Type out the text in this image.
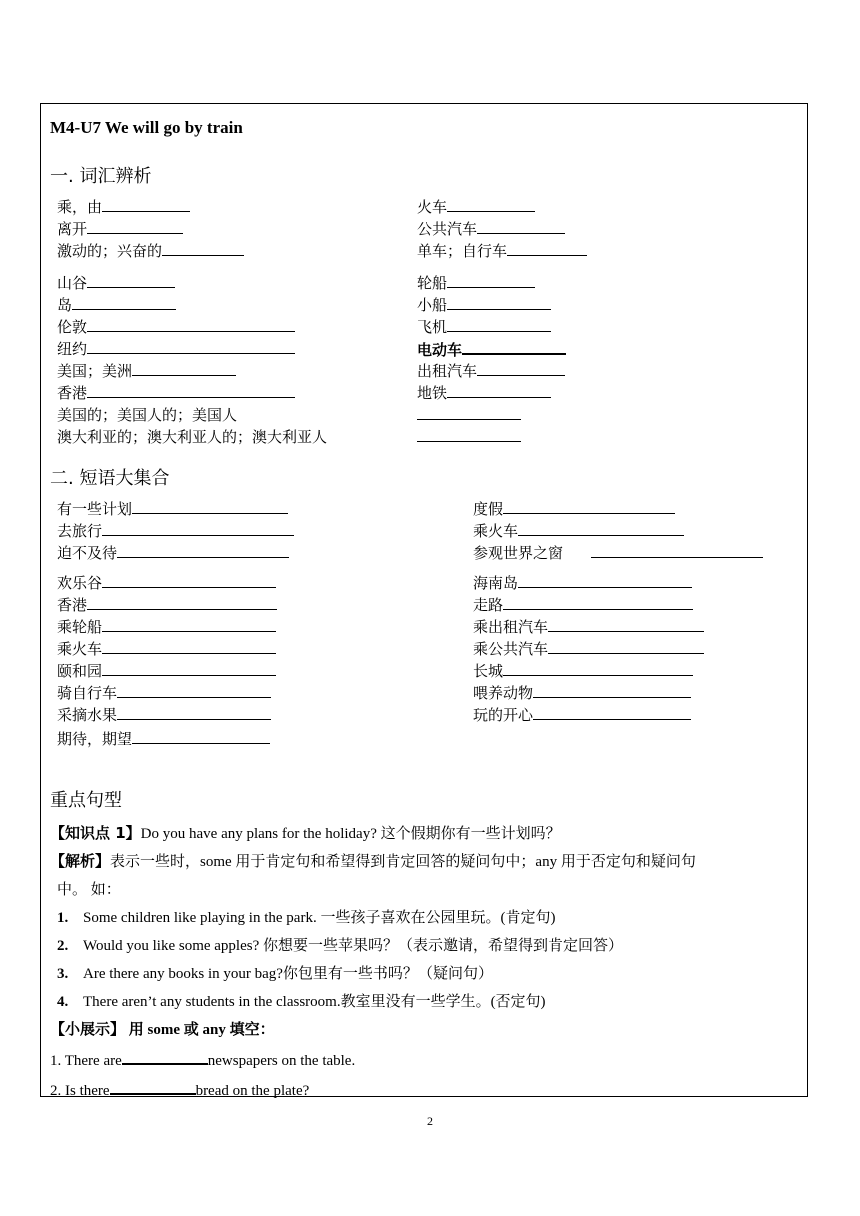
M4-U7 We will go by train
一. 词汇辨析
乘，由
离开
激动的；兴奋的
山谷
岛
伦敦
纽约
美国；美洲
香港
美国的；美国人的；美国人
澳大利亚的；澳大利亚人的；澳大利亚人
火车
公共汽车
单车；自行车
轮船
小船
飞机
电动车
出租汽车
地铁
二. 短语大集合
有一些计划
去旅行
迫不及待
欢乐谷
香港
乘轮船
乘火车
颐和园
骑自行车
采摘水果
期待，期望
度假
乘火车
参观世界之窗
海南岛
走路
乘出租汽车
乘公共汽车
长城
喂养动物
玩的开心
重点句型
【知识点 1】Do you have any plans for the holiday? 这个假期你有一些计划吗？
【解析】表示一些时，some 用于肯定句和希望得到肯定回答的疑问句中；any 用于否定句和疑问句
中。 如：
1. Some children like playing in the park. 一些孩子喜欢在公园里玩。(肯定句)
2. Would you like some apples? 你想要一些苹果吗？（表示邀请，希望得到肯定回答）
3. Are there any books in your bag?你包里有一些书吗？（疑问句）
4. There aren’t any students in the classroom.教室里没有一些学生。(否定句)
【小展示】 用 some 或 any 填空：
1. There are	newspapers on the table.
2. Is there	bread on the plate?
2
